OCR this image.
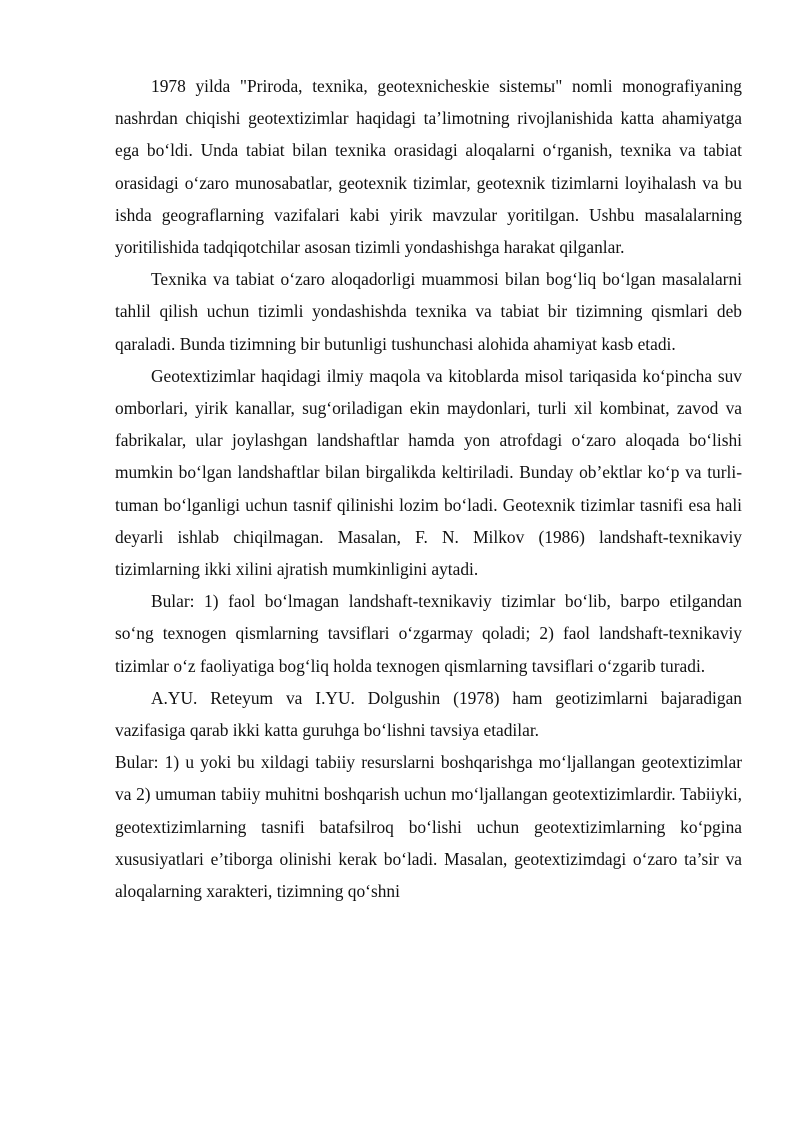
1978 yilda "Priroda, texnika, geotexnicheskie sistemы" nomli monografiyaning nashrdan chiqishi geotextizimlar haqidagi ta’limotning rivojlanishida katta ahamiyatga ega bo‘ldi. Unda tabiat bilan texnika orasidagi aloqalarni o‘rganish, texnika va tabiat orasidagi o‘zaro munosabatlar, geotexnik tizimlar, geotexnik tizimlarni loyihalash va bu ishda geograflarning vazifalari kabi yirik mavzular yoritilgan. Ushbu masalalarning yoritilishida tadqiqotchilar asosan tizimli yondashishga harakat qilganlar.

Texnika va tabiat o‘zaro aloqadorligi muammosi bilan bog‘liq bo‘lgan masalalarni tahlil qilish uchun tizimli yondashishda texnika va tabiat bir tizimning qismlari deb qaraladi. Bunda tizimning bir butunligi tushunchasi alohida ahamiyat kasb etadi.

Geotextizimlar haqidagi ilmiy maqola va kitoblarda misol tariqasida ko‘pincha suv omborlari, yirik kanallar, sug‘oriladigan ekin maydonlari, turli xil kombinat, zavod va fabrikalar, ular joylashgan landshaftlar hamda yon atrofdagi o‘zaro aloqada bo‘lishi mumkin bo‘lgan landshaftlar bilan birgalikda keltiriladi. Bunday ob’ektlar ko‘p va turli-tuman bo‘lganligi uchun tasnif qilinishi lozim bo‘ladi. Geotexnik tizimlar tasnifi esa hali deyarli ishlab chiqilmagan. Masalan, F. N. Milkov (1986) landshaft-texnikaviy tizimlarning ikki xilini ajratish mumkinligini aytadi.

Bular: 1) faol bo‘lmagan landshaft-texnikaviy tizimlar bo‘lib, barpo etilgandan so‘ng texnogen qismlarning tavsiflari o‘zgarmay qoladi; 2) faol landshaft-texnikaviy tizimlar o‘z faoliyatiga bog‘liq holda texnogen qismlarning tavsiflari o‘zgarib turadi.

A.YU. Reteyum va I.YU. Dolgushin (1978) ham geotizimlarni bajaradigan vazifasiga qarab ikki katta guruhga bo‘lishni tavsiya etadilar.

Bular: 1) u yoki bu xildagi tabiiy resurslarni boshqarishga mo‘ljallangan geotextizimlar va 2) umuman tabiiy muhitni boshqarish uchun mo‘ljallangan geotextizimlardir. Tabiiyki, geotextizimlarning tasnifi batafsilroq bo‘lishi uchun geotextizimlarning ko‘pgina xususiyatlari e’tiborga olinishi kerak bo‘ladi. Masalan, geotextizimdagi o‘zaro ta’sir va aloqalarning xarakteri, tizimning qo‘shni
